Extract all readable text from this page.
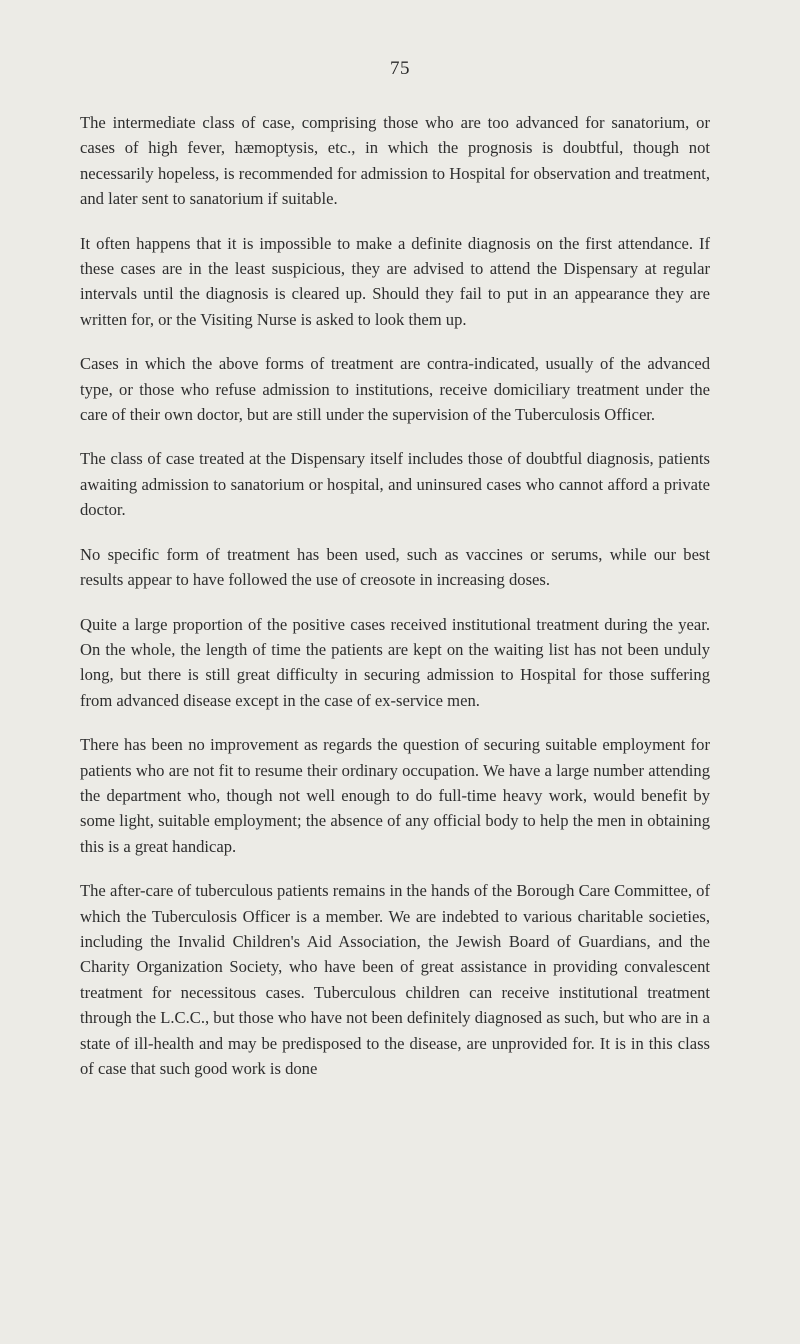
75

The intermediate class of case, comprising those who are too advanced for sanatorium, or cases of high fever, hæmoptysis, etc., in which the prognosis is doubtful, though not necessarily hopeless, is recommended for admission to Hospital for observation and treatment, and later sent to sanatorium if suitable.

It often happens that it is impossible to make a definite diagnosis on the first attendance. If these cases are in the least suspicious, they are advised to attend the Dispensary at regular intervals until the diagnosis is cleared up. Should they fail to put in an appearance they are written for, or the Visiting Nurse is asked to look them up.

Cases in which the above forms of treatment are contra-indicated, usually of the advanced type, or those who refuse admission to institutions, receive domiciliary treatment under the care of their own doctor, but are still under the supervision of the Tuberculosis Officer.

The class of case treated at the Dispensary itself includes those of doubtful diagnosis, patients awaiting admission to sanatorium or hospital, and uninsured cases who cannot afford a private doctor.

No specific form of treatment has been used, such as vaccines or serums, while our best results appear to have followed the use of creosote in increasing doses.

Quite a large proportion of the positive cases received institutional treatment during the year. On the whole, the length of time the patients are kept on the waiting list has not been unduly long, but there is still great difficulty in securing admission to Hospital for those suffering from advanced disease except in the case of ex-service men.

There has been no improvement as regards the question of securing suitable employment for patients who are not fit to resume their ordinary occupation. We have a large number attending the department who, though not well enough to do full-time heavy work, would benefit by some light, suitable employment; the absence of any official body to help the men in obtaining this is a great handicap.

The after-care of tuberculous patients remains in the hands of the Borough Care Committee, of which the Tuberculosis Officer is a member. We are indebted to various charitable societies, including the Invalid Children's Aid Association, the Jewish Board of Guardians, and the Charity Organization Society, who have been of great assistance in providing convalescent treatment for necessitous cases. Tuberculous children can receive institutional treatment through the L.C.C., but those who have not been definitely diagnosed as such, but who are in a state of ill-health and may be predisposed to the disease, are unprovided for. It is in this class of case that such good work is done
